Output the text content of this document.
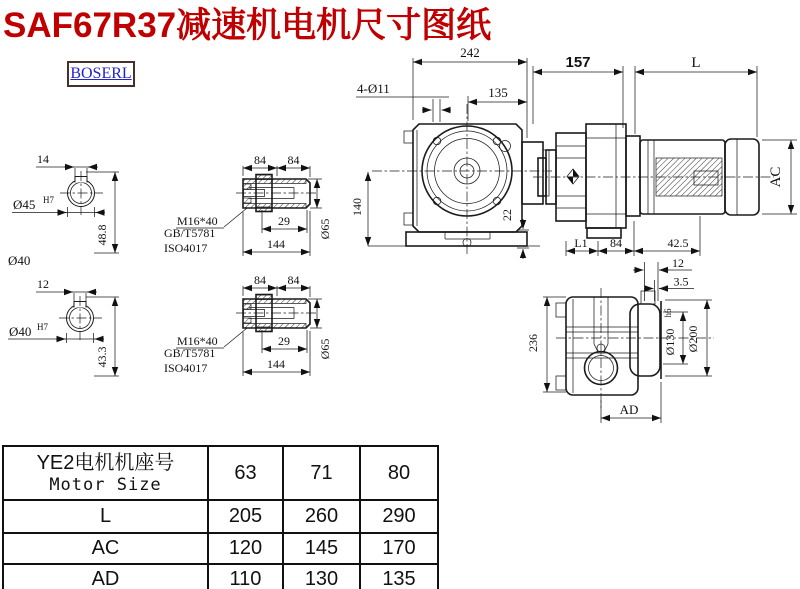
SAF67R37减速机电机尺寸图纸
BOSERL
14
Ø45 H7
48.8
Ø40
12
Ø40 H7
43.3
84 84
29
144
Ø65
M16*40
GB/T5781
ISO4017
84 84
29
144
Ø65
M16*40
GB/T5781
ISO4017
242
135
4-Ø11
140	22
157	L
AC
L1 84	42.5
12
3.5
Ø130
h6
Ø200
236
AD
YE2电机机座号
Motor Size	63	71	80
L	205	260	290
AC	120	145	170
AD	110	130	135
